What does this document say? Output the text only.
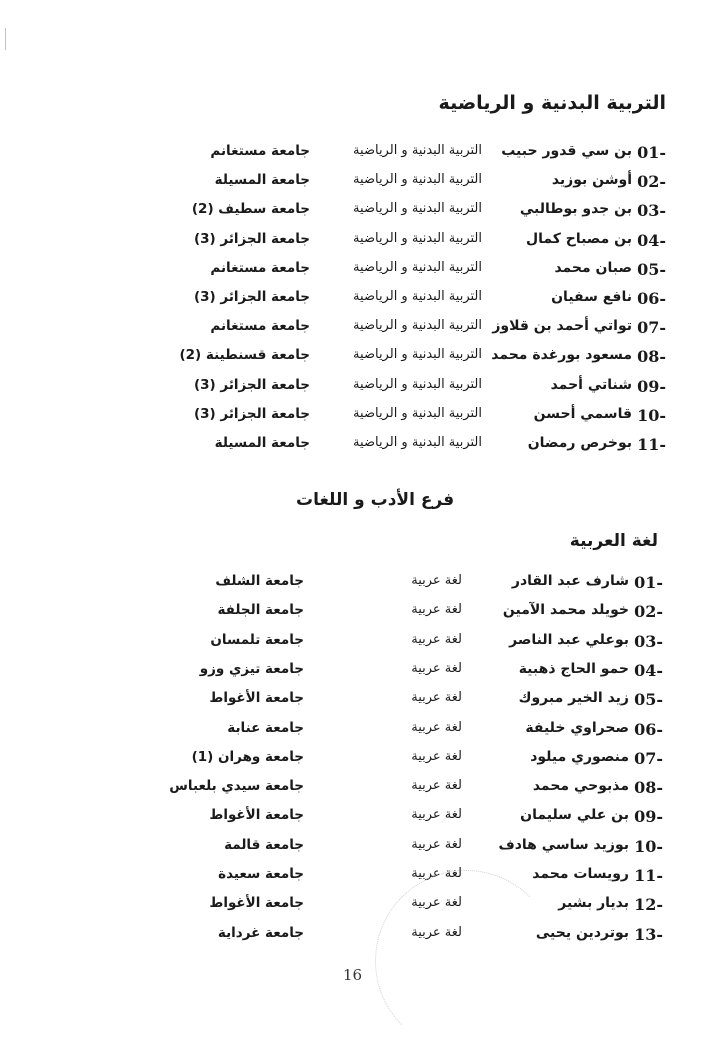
التربية البدنية و الرياضية
01-
بن سي قدور حبيب
التربية البدنية و الرياضية
جامعة مستغانم
02-
أوشن بوزيد
التربية البدنية و الرياضية
جامعة المسيلة
03-
بن جدو بوطالبي
التربية البدنية و الرياضية
جامعة سطيف (2)
04-
بن مصباح كمال
التربية البدنية و الرياضية
جامعة الجزائر (3)
05-
صبان محمد
التربية البدنية و الرياضية
جامعة مستغانم
06-
نافع سفيان
التربية البدنية و الرياضية
جامعة الجزائر (3)
07-
تواتي أحمد بن قلاوز
التربية البدنية و الرياضية
جامعة مستغانم
08-
مسعود بورغدة محمد
التربية البدنية و الرياضية
جامعة قسنطينة (2)
09-
شناتي أحمد
التربية البدنية و الرياضية
جامعة الجزائر (3)
10-
قاسمي أحسن
التربية البدنية و الرياضية
جامعة الجزائر (3)
11-
بوخرص رمضان
التربية البدنية و الرياضية
جامعة المسيلة
فرع الأدب و اللغات
لغة العربية
01-
شارف عبد القادر
لغة عربية
جامعة الشلف
02-
خويلد محمد الآمين
لغة عربية
جامعة الجلفة
03-
بوعلي عبد الناصر
لغة عربية
جامعة تلمسان
04-
حمو الحاج ذهبية
لغة عربية
جامعة تيزي وزو
05-
زيد الخير مبروك
لغة عربية
جامعة الأغواط
06-
صحراوي خليفة
لغة عربية
جامعة عنابة
07-
منصوري ميلود
لغة عربية
جامعة وهران (1)
08-
مذبوحي محمد
لغة عربية
جامعة سيدي بلعباس
09-
بن علي سليمان
لغة عربية
جامعة الأغواط
10-
بوزيد ساسي هادف
لغة عربية
جامعة قالمة
11-
رويسات محمد
لغة عربية
جامعة سعيدة
12-
بديار بشير
لغة عربية
جامعة الأغواط
13-
بوتردين يحيى
لغة عربية
جامعة غرداية
16
